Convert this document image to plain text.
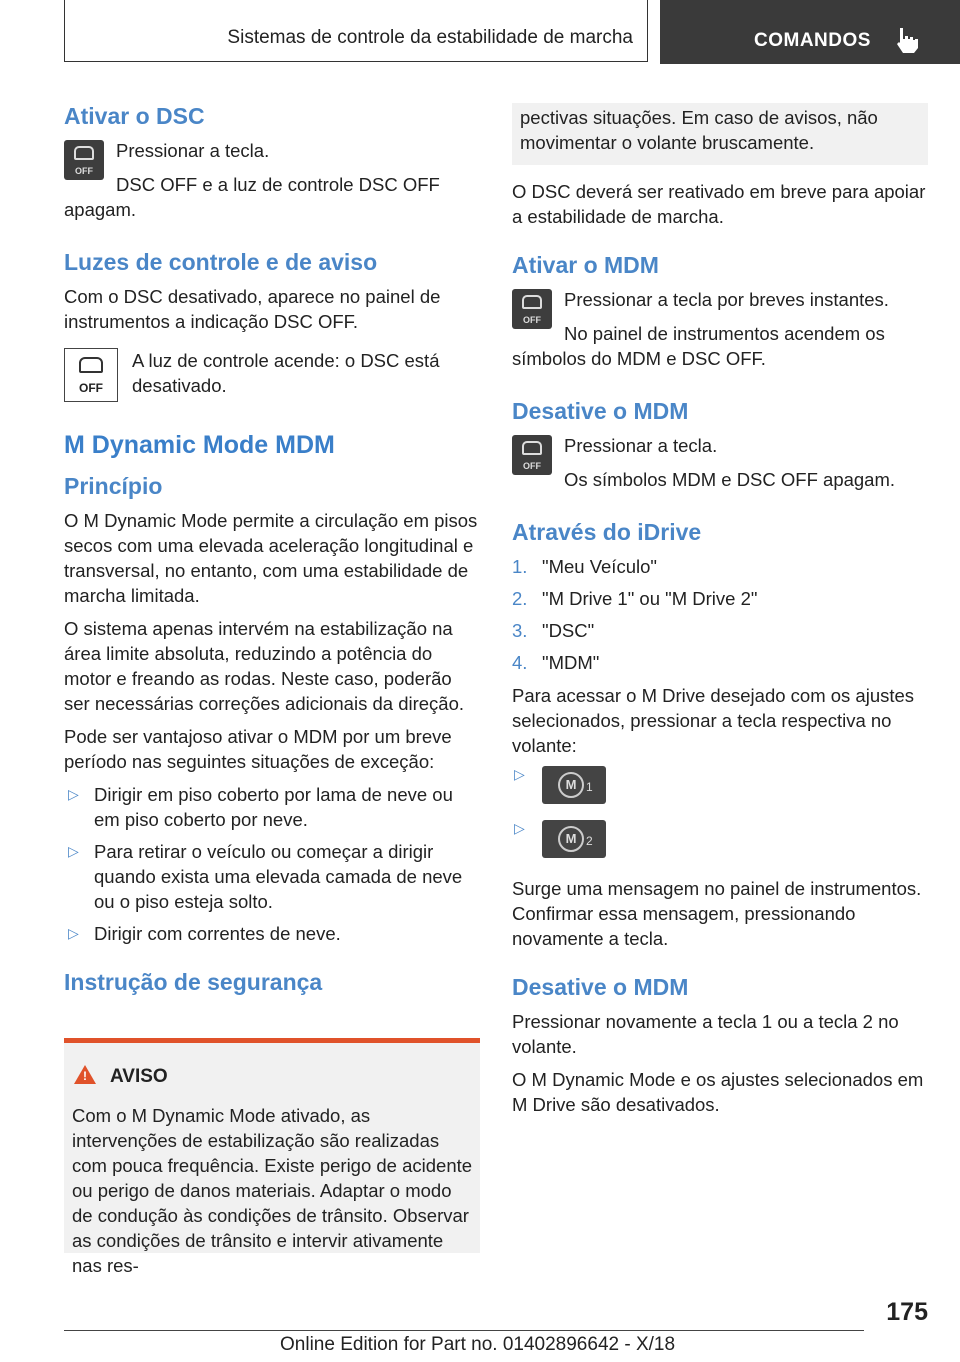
Sistemas de controle da estabilidade de marcha	COMANDOS
Ativar o DSC
OFF

Pressionar a tecla.

DSC OFF e a luz de controle DSC OFF apagam.

Luzes de controle e de aviso

Com o DSC desativado, aparece no painel de instrumentos a indicação DSC OFF.

OFF

A luz de controle acende: o DSC está desativado.

M Dynamic Mode MDM
Princípio

O M Dynamic Mode permite a circulação em pisos secos com uma elevada aceleração longitudinal e transversal, no entanto, com uma estabilidade de marcha limitada.

O sistema apenas intervém na estabilização na área limite absoluta, reduzindo a potência do motor e freando as rodas. Neste caso, poderão ser necessárias correções adicionais da direção.

Pode ser vantajoso ativar o MDM por um breve período nas seguintes situações de exceção:

▷ Dirigir em piso coberto por lama de neve ou em piso coberto por neve.
▷ Para retirar o veículo ou começar a dirigir quando exista uma elevada camada de neve ou o piso esteja solto.
▷ Dirigir com correntes de neve.
Instrução de segurança
!AVISO

Com o M Dynamic Mode ativado, as intervenções de estabilização são realizadas com pouca frequência. Existe perigo de acidente ou perigo de danos materiais. Adaptar o modo de condução às condições de trânsito. Observar as condições de trânsito e intervir ativamente nas res-

pectivas situações. Em caso de avisos, não movimentar o volante bruscamente.

O DSC deverá ser reativado em breve para apoiar a estabilidade de marcha.

Ativar o MDM
OFF

Pressionar a tecla por breves instantes.

No painel de instrumentos acendem os símbolos do MDM e DSC OFF.

Desative o MDM
OFF

Pressionar a tecla.

Os símbolos MDM e DSC OFF apagam.

Através do iDrive
1. "Meu Veículo"
2. "M Drive 1" ou "M Drive 2"
3. "DSC"
4. "MDM"

Para acessar o M Drive desejado com os ajustes selecionados, pressionar a tecla respectiva no volante:

▷
M 1
▷
M 2

Surge uma mensagem no painel de instrumentos. Confirmar essa mensagem, pressionando novamente a tecla.

Desative o MDM

Pressionar novamente a tecla 1 ou a tecla 2 no volante.

O M Dynamic Mode e os ajustes selecionados em M Drive são desativados.

175
Online Edition for Part no. 01402896642 - X/18
